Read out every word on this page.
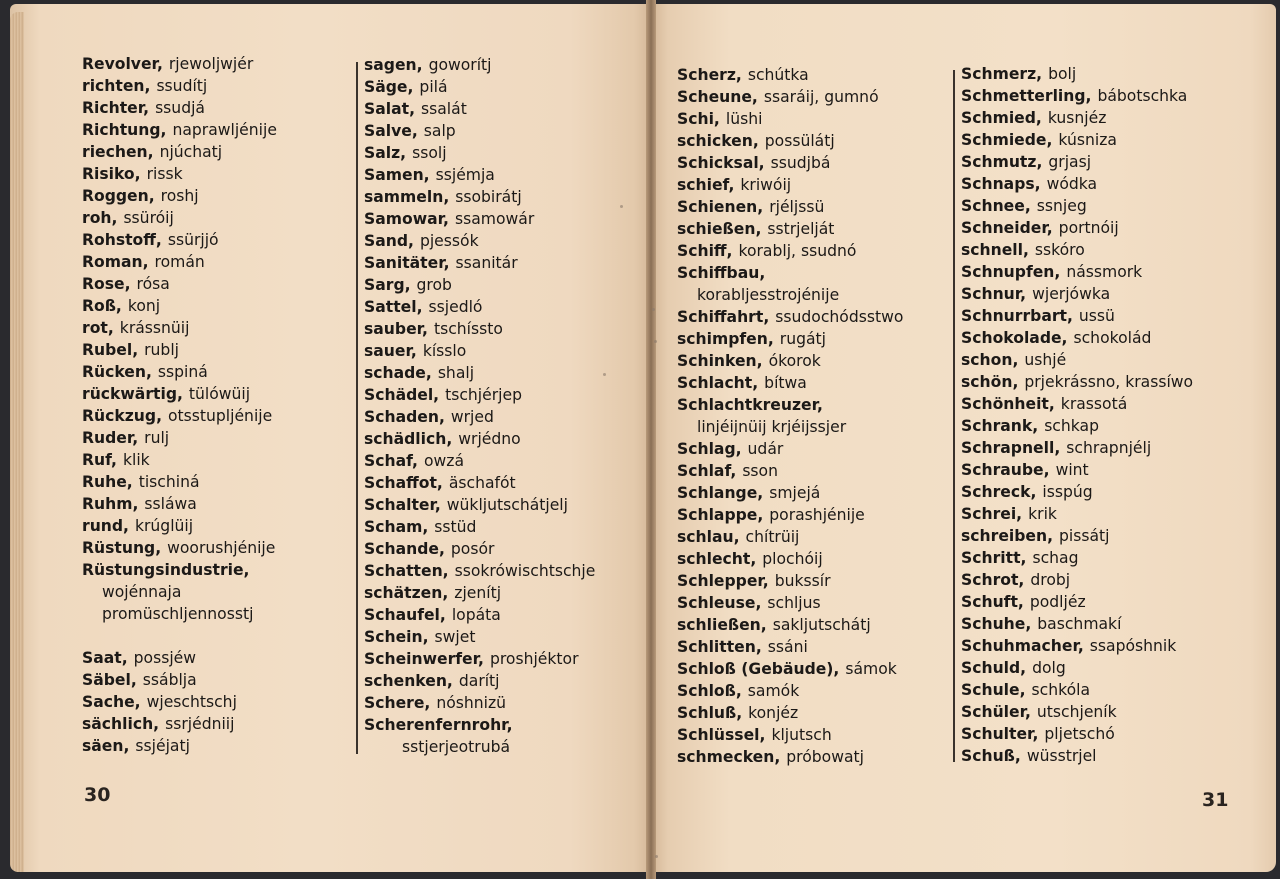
Revolver, rjewoljwjér
richten, ssudítj
Richter, ssudjá
Richtung, naprawljénije
riechen, njúchatj
Risiko, rissk
Roggen, roshj
roh, ssüróij
Rohstoff, ssürjjó
Roman, román
Rose, rósa
Roß, konj
rot, krássnüij
Rubel, rublj
Rücken, sspiná
rückwärtig, tülówüij
Rückzug, otsstupljénije
Ruder, rulj
Ruf, klik
Ruhe, tischiná
Ruhm, ssláwa
rund, krúglüij
Rüstung, woorushjénije
Rüstungsindustrie,
wojénnaja
promüschljennosstj
Saat, possjéw
Säbel, ssáblja
Sache, wjeschtschj
sächlich, ssrjédniij
säen, ssjéjatj
sagen, goworítj
Säge, pilá
Salat, ssalát
Salve, salp
Salz, ssolj
Samen, ssjémja
sammeln, ssobirátj
Samowar, ssamowár
Sand, pjessók
Sanitäter, ssanitár
Sarg, grob
Sattel, ssjedló
sauber, tschíssto
sauer, kísslo
schade, shalj
Schädel, tschjérjep
Schaden, wrjed
schädlich, wrjédno
Schaf, owzá
Schaffot, äschafót
Schalter, wükljutschátjelj
Scham, sstüd
Schande, posór
Schatten, ssokrówischtschje
schätzen, zjenítj
Schaufel, lopáta
Schein, swjet
Scheinwerfer, proshjéktor
schenken, darítj
Schere, nóshnizü
Scherenfernrohr,
sstjerjeotrubá
Scherz, schútka
Scheune, ssaráij, gumnó
Schi, lüshi
schicken, possülátj
Schicksal, ssudjbá
schief, kriwóij
Schienen, rjéljssü
schießen, sstrjelját
Schiff, korablj, ssudnó
Schiffbau,
korabljesstrojénije
Schiffahrt, ssudochódsstwo
schimpfen, rugátj
Schinken, ókorok
Schlacht, bítwa
Schlachtkreuzer,
linjéijnüij krjéijssjer
Schlag, udár
Schlaf, sson
Schlange, smjejá
Schlappe, porashjénije
schlau, chítrüij
schlecht, plochóij
Schlepper, bukssír
Schleuse, schljus
schließen, sakljutschátj
Schlitten, ssáni
Schloß (Gebäude), sámok
Schloß, samók
Schluß, konjéz
Schlüssel, kljutsch
schmecken, próbowatj
Schmerz, bolj
Schmetterling, bábotschka
Schmied, kusnjéz
Schmiede, kúsniza
Schmutz, grjasj
Schnaps, wódka
Schnee, ssnjeg
Schneider, portnóij
schnell, sskóro
Schnupfen, nássmork
Schnur, wjerjówka
Schnurrbart, ussü
Schokolade, schokolád
schon, ushjé
schön, prjekrássno, krassíwo
Schönheit, krassotá
Schrank, schkap
Schrapnell, schrapnjélj
Schraube, wint
Schreck, isspúg
Schrei, krik
schreiben, pissátj
Schritt, schag
Schrot, drobj
Schuft, podljéz
Schuhe, baschmakí
Schuhmacher, ssapóshnik
Schuld, dolg
Schule, schkóla
Schüler, utschjeník
Schulter, pljetschó
Schuß, wüsstrjel
30	31
